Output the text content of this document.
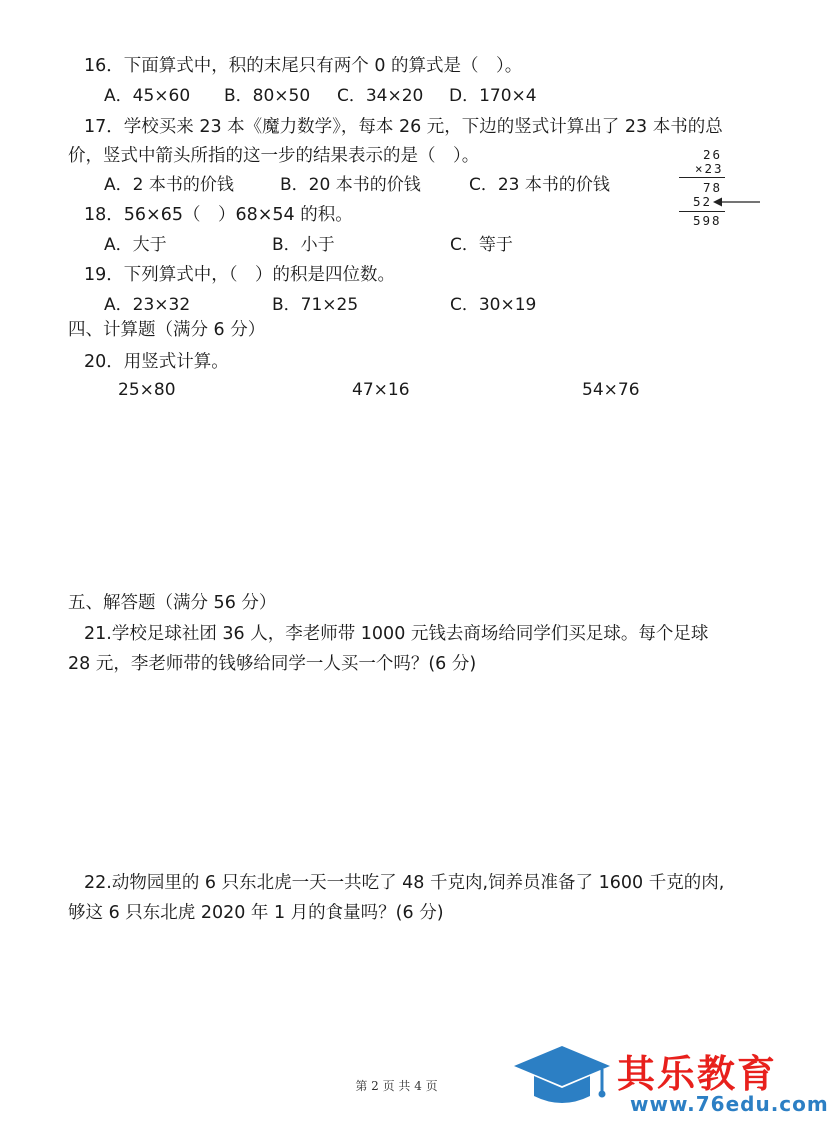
16．下面算式中，积的末尾只有两个 0 的算式是（　）。
A．45×60 B．80×50 C．34×20 D．170×4
17．学校买来 23 本《魔力数学》，每本 26 元，下边的竖式计算出了 23 本书的总
价，竖式中箭头所指的这一步的结果表示的是（　）。
A．2 本书的价钱	B．20 本书的价钱	C．23 本书的价钱
26
×23
78
52
598
18．56×65（　）68×54 的积。
A．大于	B．小于	C．等于
19．下列算式中，（　）的积是四位数。
A．23×32	B．71×25	C．30×19
四、计算题（满分 6 分）
20．用竖式计算。
25×80	47×16	54×76
五、解答题（满分 56 分）
21.学校足球社团 36 人，李老师带 1000 元钱去商场给同学们买足球。每个足球
28 元，李老师带的钱够给同学一人买一个吗？(6 分)
22.动物园里的 6 只东北虎一天一共吃了 48 千克肉,饲养员准备了 1600 千克的肉,
够这 6 只东北虎 2020 年 1 月的食量吗？(6 分)
第 2 页 共 4 页	其乐教育
www.76edu.com
